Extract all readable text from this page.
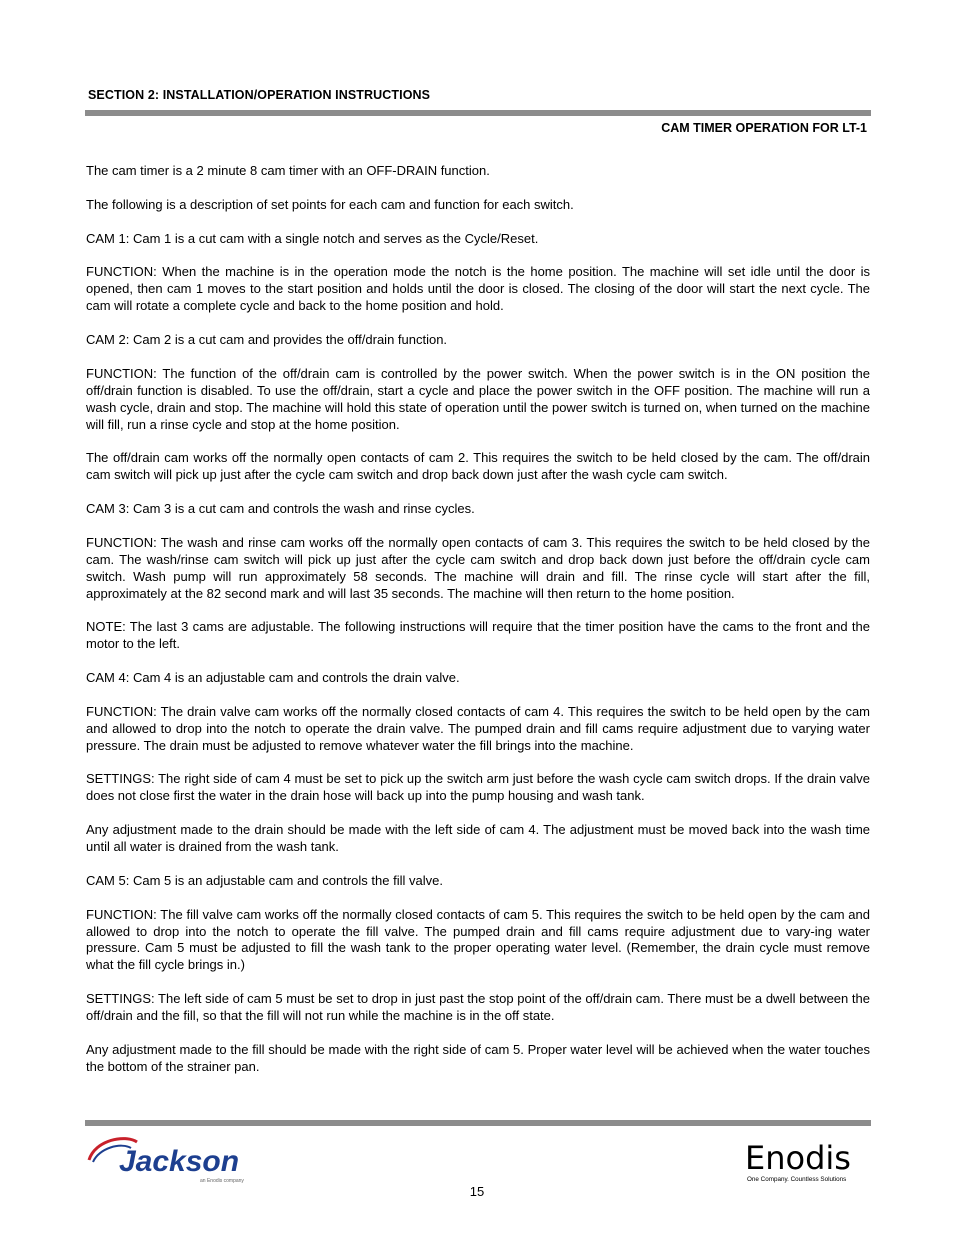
SECTION 2: INSTALLATION/OPERATION INSTRUCTIONS
CAM TIMER OPERATION FOR LT-1

The cam timer is a 2 minute 8 cam timer with an OFF-DRAIN function.

The following is a description of set points for each cam and function for each switch.

CAM 1: Cam 1 is a cut cam with a single notch and serves as the Cycle/Reset.

FUNCTION: When the machine is in the operation mode the notch is the home position. The machine will set idle until the door is opened, then cam 1 moves to the start position and holds until the door is closed. The closing of the door will start the next cycle. The cam will rotate a complete cycle and back to the home position and hold.

CAM 2: Cam 2 is a cut cam and provides the off/drain function.

FUNCTION: The function of the off/drain cam is controlled by the power switch. When the power switch is in the ON position the off/drain function is disabled. To use the off/drain, start a cycle and place the power switch in the OFF position. The machine will run a wash cycle, drain and stop. The machine will hold this state of operation until the power switch is turned on, when turned on the machine will fill, run a rinse cycle and stop at the home position.

The off/drain cam works off the normally open contacts of cam 2. This requires the switch to be held closed by the cam. The off/drain cam switch will pick up just after the cycle cam switch and drop back down just after the wash cycle cam switch.

CAM 3: Cam 3 is a cut cam and controls the wash and rinse cycles.

FUNCTION: The wash and rinse cam works off the normally open contacts of cam 3. This requires the switch to be held closed by the cam. The wash/rinse cam switch will pick up just after the cycle cam switch and drop back down just before the off/drain cycle cam switch. Wash pump will run approximately 58 seconds. The machine will drain and fill. The rinse cycle will start after the fill, approximately at the 82 second mark and will last 35 seconds. The machine will then return to the home position.

NOTE: The last 3 cams are adjustable. The following instructions will require that the timer position have the cams to the front and the motor to the left.

CAM 4: Cam 4 is an adjustable cam and controls the drain valve.

FUNCTION: The drain valve cam works off the normally closed contacts of cam 4. This requires the switch to be held open by the cam and allowed to drop into the notch to operate the drain valve. The pumped drain and fill cams require adjustment due to varying water pressure. The drain must be adjusted to remove whatever water the fill brings into the machine.

SETTINGS: The right side of cam 4 must be set to pick up the switch arm just before the wash cycle cam switch drops. If the drain valve does not close first the water in the drain hose will back up into the pump housing and wash tank.

Any adjustment made to the drain should be made with the left side of cam 4. The adjustment must be moved back into the wash time until all water is drained from the wash tank.

CAM 5: Cam 5 is an adjustable cam and controls the fill valve.

FUNCTION: The fill valve cam works off the normally closed contacts of cam 5. This requires the switch to be held open by the cam and allowed to drop into the notch to operate the fill valve. The pumped drain and fill cams require adjustment due to vary-ing water pressure. Cam 5 must be adjusted to fill the wash tank to the proper operating water level. (Remember, the drain cycle must remove what the fill cycle brings in.)

SETTINGS: The left side of cam 5 must be set to drop in just past the stop point of the off/drain cam. There must be a dwell between the off/drain and the fill, so that the fill will not run while the machine is in the off state.

Any adjustment made to the fill should be made with the right side of cam 5. Proper water level will be achieved when the water touches the bottom of the strainer pan.

Jackson
an Enodis company
Enodis
One Company. Countless Solutions
15
